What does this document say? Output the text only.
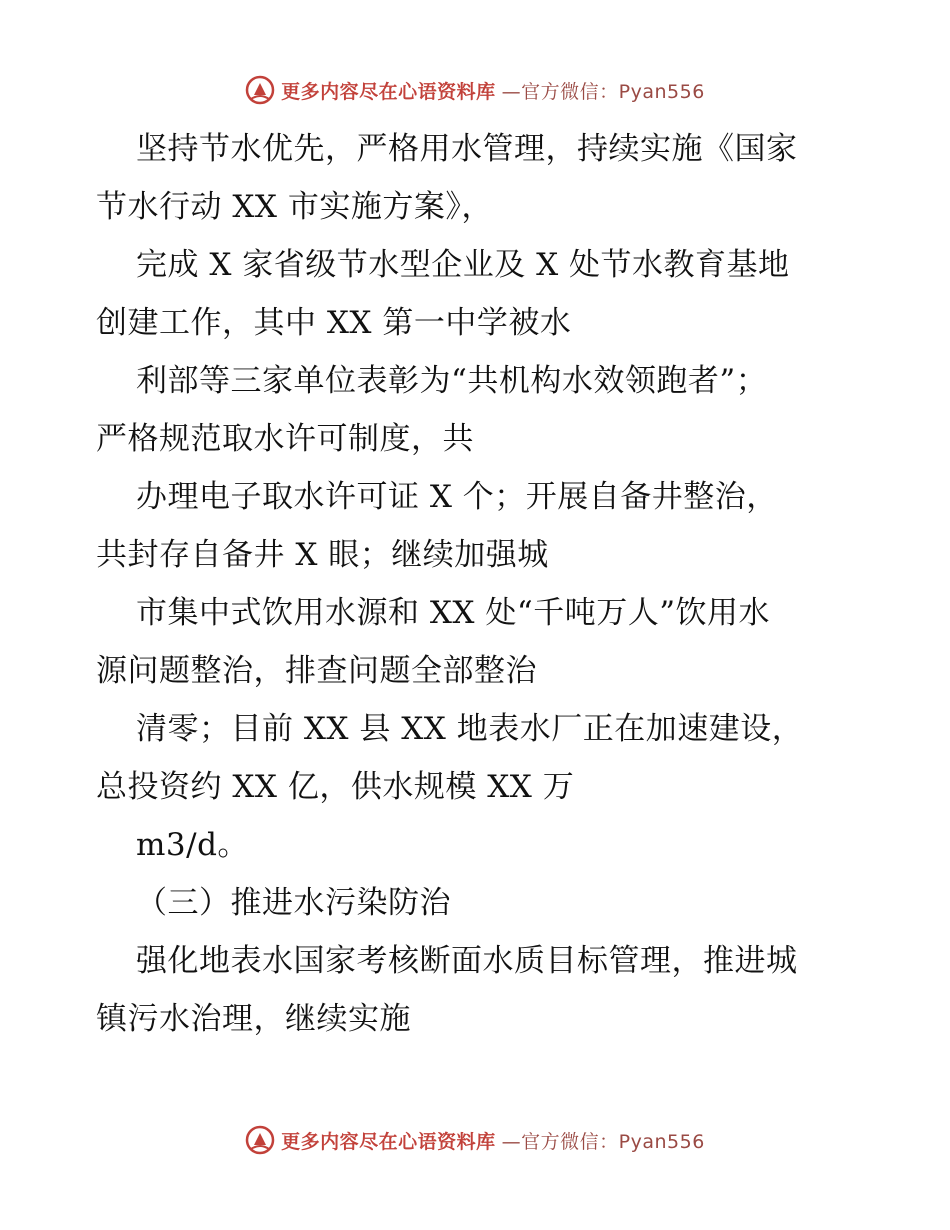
更多内容尽在心语资料库 —官方微信：Pyan556
坚持节水优先，严格用水管理，持续实施《国家
节水行动 XX 市实施方案》，
完成 X 家省级节水型企业及 X 处节水教育基地
创建工作，其中 XX 第一中学被水
利部等三家单位表彰为“共机构水效领跑者”；
严格规范取水许可制度，共
办理电子取水许可证 X 个；开展自备井整治，
共封存自备井 X 眼；继续加强城
市集中式饮用水源和 XX 处“千吨万人”饮用水
源问题整治，排查问题全部整治
清零；目前 XX 县 XX 地表水厂正在加速建设，
总投资约 XX 亿，供水规模 XX 万
m3/d。
（三）推进水污染防治
强化地表水国家考核断面水质目标管理，推进城
镇污水治理，继续实施
更多内容尽在心语资料库 —官方微信：Pyan556
